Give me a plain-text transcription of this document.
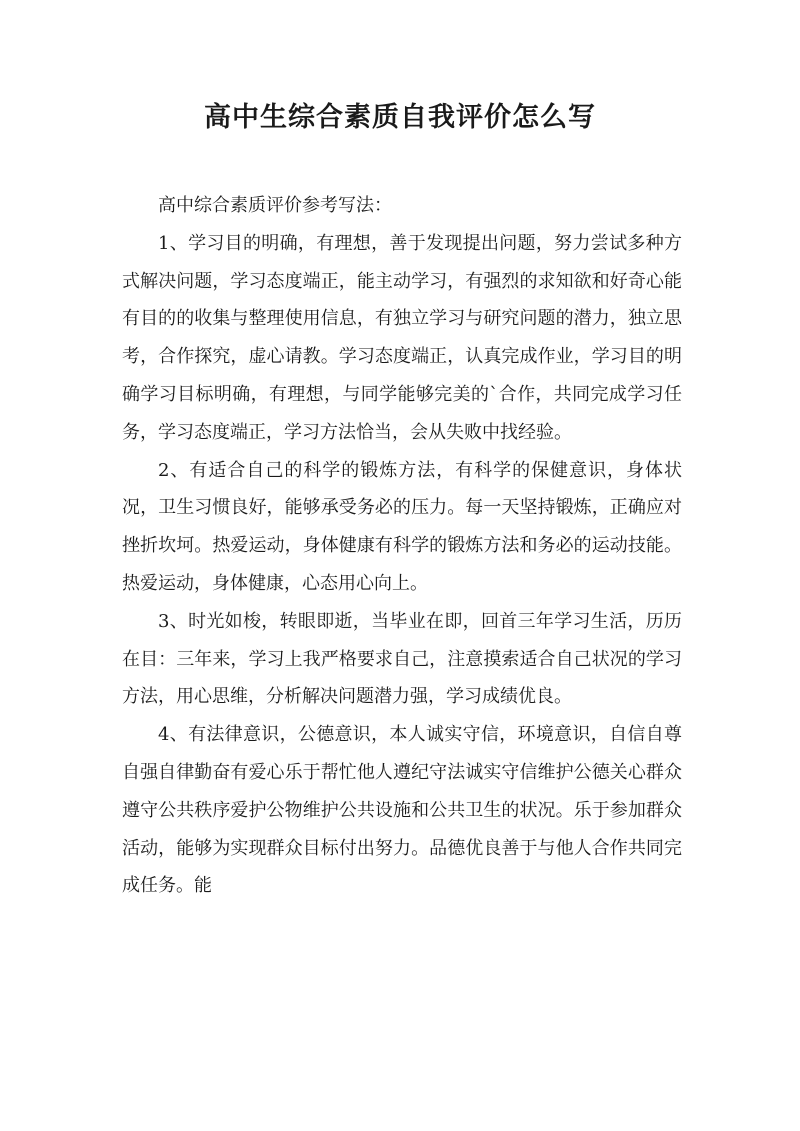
高中生综合素质自我评价怎么写

高中综合素质评价参考写法：

1、学习目的明确，有理想，善于发现提出问题，努力尝试多种方式解决问题，学习态度端正，能主动学习，有强烈的求知欲和好奇心能有目的的收集与整理使用信息，有独立学习与研究问题的潜力，独立思考，合作探究，虚心请教。学习态度端正，认真完成作业，学习目的明确学习目标明确，有理想，与同学能够完美的`合作，共同完成学习任务，学习态度端正，学习方法恰当，会从失败中找经验。

2、有适合自己的科学的锻炼方法，有科学的保健意识，身体状况，卫生习惯良好，能够承受务必的压力。每一天坚持锻炼，正确应对挫折坎坷。热爱运动，身体健康有科学的锻炼方法和务必的运动技能。热爱运动，身体健康，心态用心向上。

3、时光如梭，转眼即逝，当毕业在即，回首三年学习生活，历历在目：三年来，学习上我严格要求自己，注意摸索适合自己状况的学习方法，用心思维，分析解决问题潜力强，学习成绩优良。

4、有法律意识，公德意识，本人诚实守信，环境意识，自信自尊自强自律勤奋有爱心乐于帮忙他人遵纪守法诚实守信维护公德关心群众遵守公共秩序爱护公物维护公共设施和公共卫生的状况。乐于参加群众活动，能够为实现群众目标付出努力。品德优良善于与他人合作共同完成任务。能
